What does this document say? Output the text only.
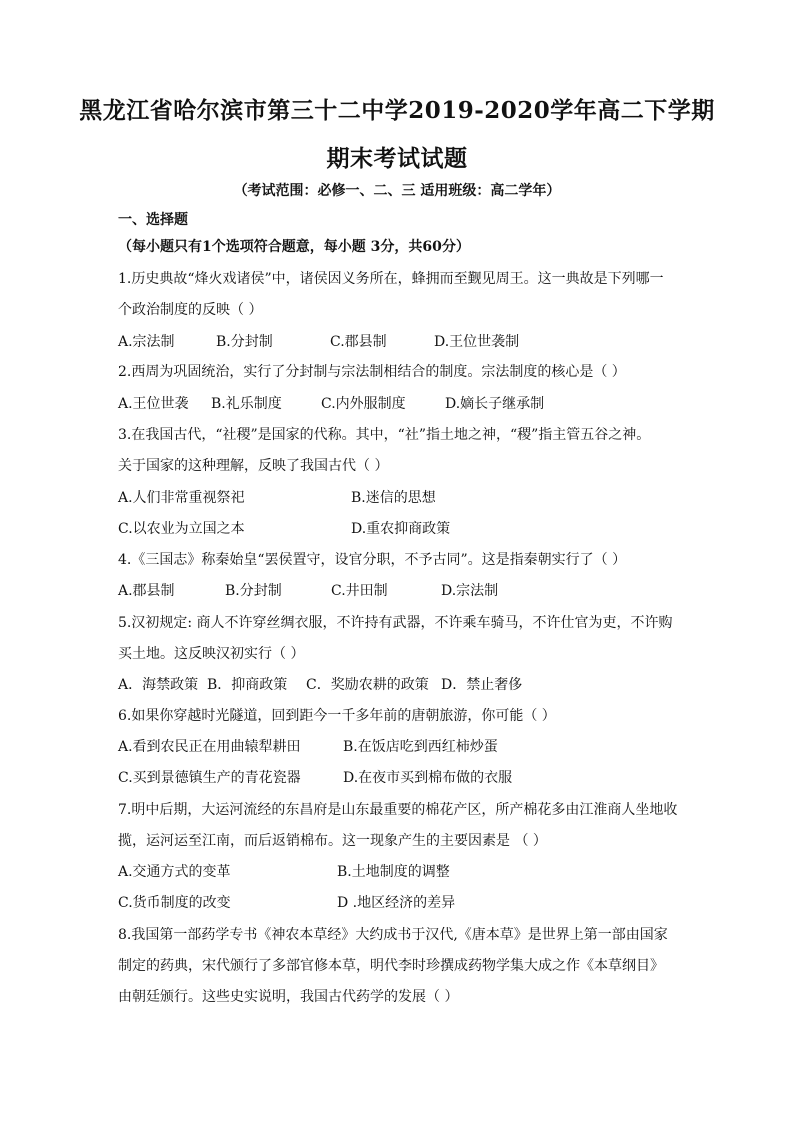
黑龙江省哈尔滨市第三十二中学2019-2020学年高二下学期
期末考试试题
（考试范围：必修一、二、三 适用班级：高二学年）
一、选择题
（每小题只有1个选项符合题意，每小题 3分，共60分）
1.历史典故“烽火戏诸侯”中，诸侯因义务所在，蜂拥而至觐见周王。这一典故是下列哪一
个政治制度的反映（ ）
A.宗法制	B.分封制	C.郡县制	D.王位世袭制
2.西周为巩固统治，实行了分封制与宗法制相结合的制度。宗法制度的核心是（ ）
A.王位世袭 B.礼乐制度	C.内外服制度	D.嫡长子继承制
3.在我国古代，“社稷”是国家的代称。其中，“社”指土地之神，“稷”指主管五谷之神。
关于国家的这种理解，反映了我国古代（ ）
A.人们非常重视祭祀	B.迷信的思想
C.以农业为立国之本	D.重农抑商政策
4.《三国志》称秦始皇“罢侯置守，设官分职，不予古同”。这是指秦朝实行了（ ）
A.郡县制	B.分封制	C.井田制	D.宗法制
5.汉初规定: 商人不许穿丝绸衣服，不许持有武器，不许乘车骑马，不许仕官为吏，不许购
买土地。这反映汉初实行（ ）
A．海禁政策 B．抑商政策 C．奖励农耕的政策 D．禁止奢侈
6.如果你穿越时光隧道，回到距今一千多年前的唐朝旅游，你可能（ ）
A.看到农民正在用曲辕犁耕田	B.在饭店吃到西红柿炒蛋
C.买到景德镇生产的青花瓷器	D.在夜市买到棉布做的衣服
7.明中后期，大运河流经的东昌府是山东最重要的棉花产区，所产棉花多由江淮商人坐地收
揽，运河运至江南，而后返销棉布。这一现象产生的主要因素是 （ ）
A.交通方式的变革	B.土地制度的调整
C.货币制度的改变	D .地区经济的差异
8.我国第一部药学专书《神农本草经》大约成书于汉代,《唐本草》是世界上第一部由国家
制定的药典，宋代颁行了多部官修本草，明代李时珍撰成药物学集大成之作《本草纲目》
由朝廷颁行。这些史实说明，我国古代药学的发展（ ）
